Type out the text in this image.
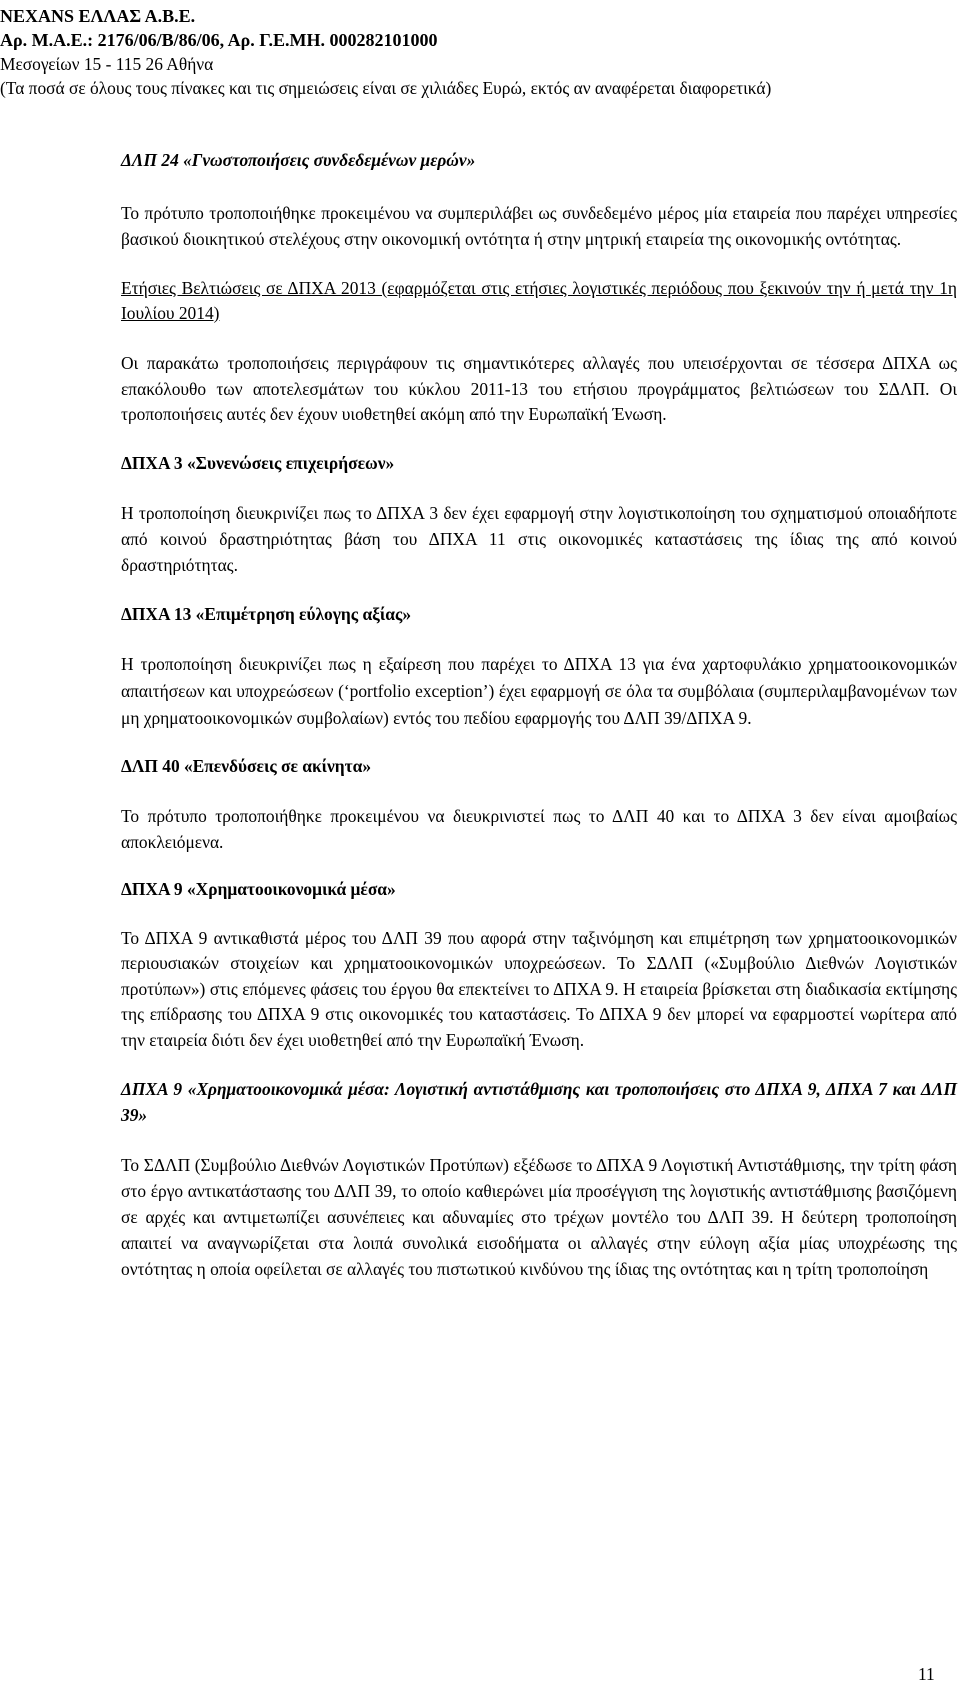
NEXANS ΕΛΛΑΣ Α.Β.Ε.
Αρ. Μ.Α.Ε.: 2176/06/Β/86/06, Αρ. Γ.Ε.ΜΗ. 000282101000
Μεσογείων 15 - 115 26 Αθήνα
(Τα ποσά σε όλους τους πίνακες και τις σημειώσεις είναι σε χιλιάδες Ευρώ, εκτός αν αναφέρεται διαφορετικά)
ΔΛΠ 24 «Γνωστοποιήσεις συνδεδεμένων μερών»

Το πρότυπο τροποποιήθηκε προκειμένου να συμπεριλάβει ως συνδεδεμένο μέρος μία εταιρεία που παρέχει υπηρεσίες βασικού διοικητικού στελέχους στην οικονομική οντότητα ή στην μητρική εταιρεία της οικονομικής οντότητας.

Ετήσιες Βελτιώσεις σε ΔΠΧΑ 2013 (εφαρμόζεται στις ετήσιες λογιστικές περιόδους που ξεκινούν την ή μετά την 1η Ιουλίου 2014)

Οι παρακάτω τροποποιήσεις περιγράφουν τις σημαντικότερες αλλαγές που υπεισέρχονται σε τέσσερα ΔΠΧΑ ως επακόλουθο των αποτελεσμάτων του κύκλου 2011-13 του ετήσιου προγράμματος βελτιώσεων του ΣΔΛΠ. Οι τροποποιήσεις αυτές δεν έχουν υιοθετηθεί ακόμη από την Ευρωπαϊκή Ένωση.

ΔΠΧΑ 3 «Συνενώσεις επιχειρήσεων»

Η τροποποίηση διευκρινίζει πως το ΔΠΧΑ 3 δεν έχει εφαρμογή στην λογιστικοποίηση του σχηματισμού οποιαδήποτε από κοινού δραστηριότητας βάση του ΔΠΧΑ 11 στις οικονομικές καταστάσεις της ίδιας της από κοινού δραστηριότητας.

ΔΠΧΑ 13 «Επιμέτρηση εύλογης αξίας»

Η τροποποίηση διευκρινίζει πως η εξαίρεση που παρέχει το ΔΠΧΑ 13 για ένα χαρτοφυλάκιο χρηματοοικονομικών απαιτήσεων και υποχρεώσεων (‘portfolio exception’) έχει εφαρμογή σε όλα τα συμβόλαια (συμπεριλαμβανομένων των μη χρηματοοικονομικών συμβολαίων) εντός του πεδίου εφαρμογής του ΔΛΠ 39/ΔΠΧΑ 9.

ΔΛΠ 40 «Επενδύσεις σε ακίνητα»

Το πρότυπο τροποποιήθηκε προκειμένου να διευκρινιστεί πως το ΔΛΠ 40 και το ΔΠΧΑ 3 δεν είναι αμοιβαίως αποκλειόμενα.

ΔΠΧΑ 9 «Χρηματοοικονομικά μέσα»

Το ΔΠΧΑ 9 αντικαθιστά μέρος του ΔΛΠ 39 που αφορά στην ταξινόμηση και επιμέτρηση των χρηματοοικονομικών περιουσιακών στοιχείων και χρηματοοικονομικών υποχρεώσεων. Το ΣΔΛΠ («Συμβούλιο Διεθνών Λογιστικών προτύπων») στις επόμενες φάσεις του έργου θα επεκτείνει το ΔΠΧΑ 9. Η εταιρεία βρίσκεται στη διαδικασία εκτίμησης της επίδρασης του ΔΠΧΑ 9 στις οικονομικές του καταστάσεις. Το ΔΠΧΑ 9 δεν μπορεί να εφαρμοστεί νωρίτερα από την εταιρεία διότι δεν έχει υιοθετηθεί από την Ευρωπαϊκή Ένωση.

ΔΠΧΑ 9 «Χρηματοοικονομικά μέσα: Λογιστική αντιστάθμισης και τροποποιήσεις στο ΔΠΧΑ 9, ΔΠΧΑ 7 και ΔΛΠ 39»

Το ΣΔΛΠ (Συμβούλιο Διεθνών Λογιστικών Προτύπων) εξέδωσε το ΔΠΧΑ 9 Λογιστική Αντιστάθμισης, την τρίτη φάση στο έργο αντικατάστασης του ΔΛΠ 39, το οποίο καθιερώνει μία προσέγγιση της λογιστικής αντιστάθμισης βασιζόμενη σε αρχές και αντιμετωπίζει ασυνέπειες και αδυναμίες στο τρέχων μοντέλο του ΔΛΠ 39. Η δεύτερη τροποποίηση απαιτεί να αναγνωρίζεται στα λοιπά συνολικά εισοδήματα οι αλλαγές στην εύλογη αξία μίας υποχρέωσης της οντότητας η οποία οφείλεται σε αλλαγές του πιστωτικού κινδύνου της ίδιας της οντότητας και η τρίτη τροποποίηση

11
